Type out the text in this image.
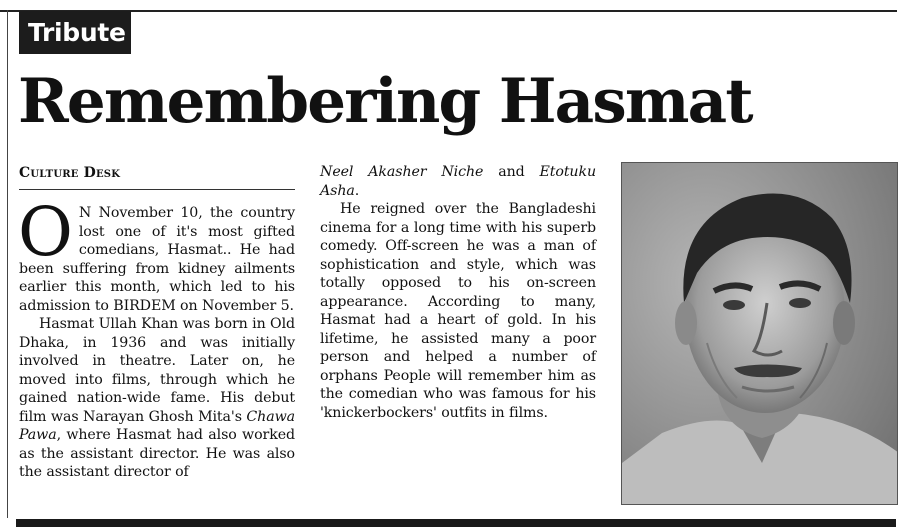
Tribute
Remembering Hasmat
Culture Desk

O N November 10, the country lost one of it's most gifted comedians, Hasmat.. He had been suffering from kidney ailments earlier this month, which led to his admission to BIRDEM on November 5.

Hasmat Ullah Khan was born in Old Dhaka, in 1936 and was initially involved in theatre. Later on, he moved into films, through which he gained nation-wide fame. His debut film was Narayan Ghosh Mita's Chawa Pawa, where Hasmat had also worked as the assistant director. He was also the assistant director of

Neel Akasher Niche and Etotuku Asha.

He reigned over the Bangladeshi cinema for a long time with his superb comedy. Off-screen he was a man of sophistication and style, which was totally opposed to his on-screen appearance. According to many, Hasmat had a heart of gold. In his lifetime, he assisted many a poor person and helped a number of orphans People will remember him as the comedian who was famous for his 'knickerbockers' outfits in films.
